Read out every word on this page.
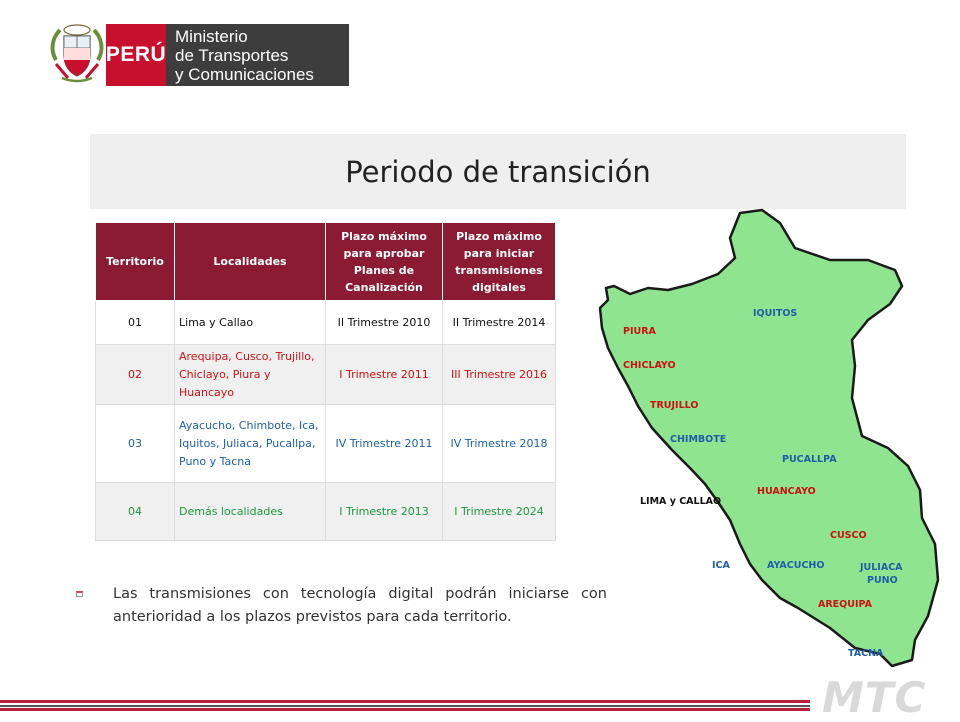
PERÚ
Ministerio
de Transportes
y Comunicaciones
Periodo de transición
Territorio	Localidades	Plazo máximo para aprobar Planes de Canalización	Plazo máximo para iniciar transmisiones digitales
01	Lima y Callao	II Trimestre 2010	II Trimestre 2014
02	Arequipa, Cusco, Trujillo, Chiclayo, Piura y Huancayo	I Trimestre 2011	III Trimestre 2016
03	Ayacucho, Chimbote, Ica, Iquitos, Juliaca, Pucallpa, Puno y Tacna	IV Trimestre 2011	IV Trimestre 2018
04	Demás localidades	I Trimestre 2013	I Trimestre 2024
Las transmisiones con tecnología digital podrán iniciarse con anterioridad a los plazos previstos para cada territorio.
IQUITOS
PIURA
CHICLAYO
TRUJILLO
CHIMBOTE
PUCALLPA
LIMA y CALLAO
HUANCAYO
CUSCO
ICA	AYACUCHO	JULIACA
PUNO
AREQUIPA
TACNA
MTC
